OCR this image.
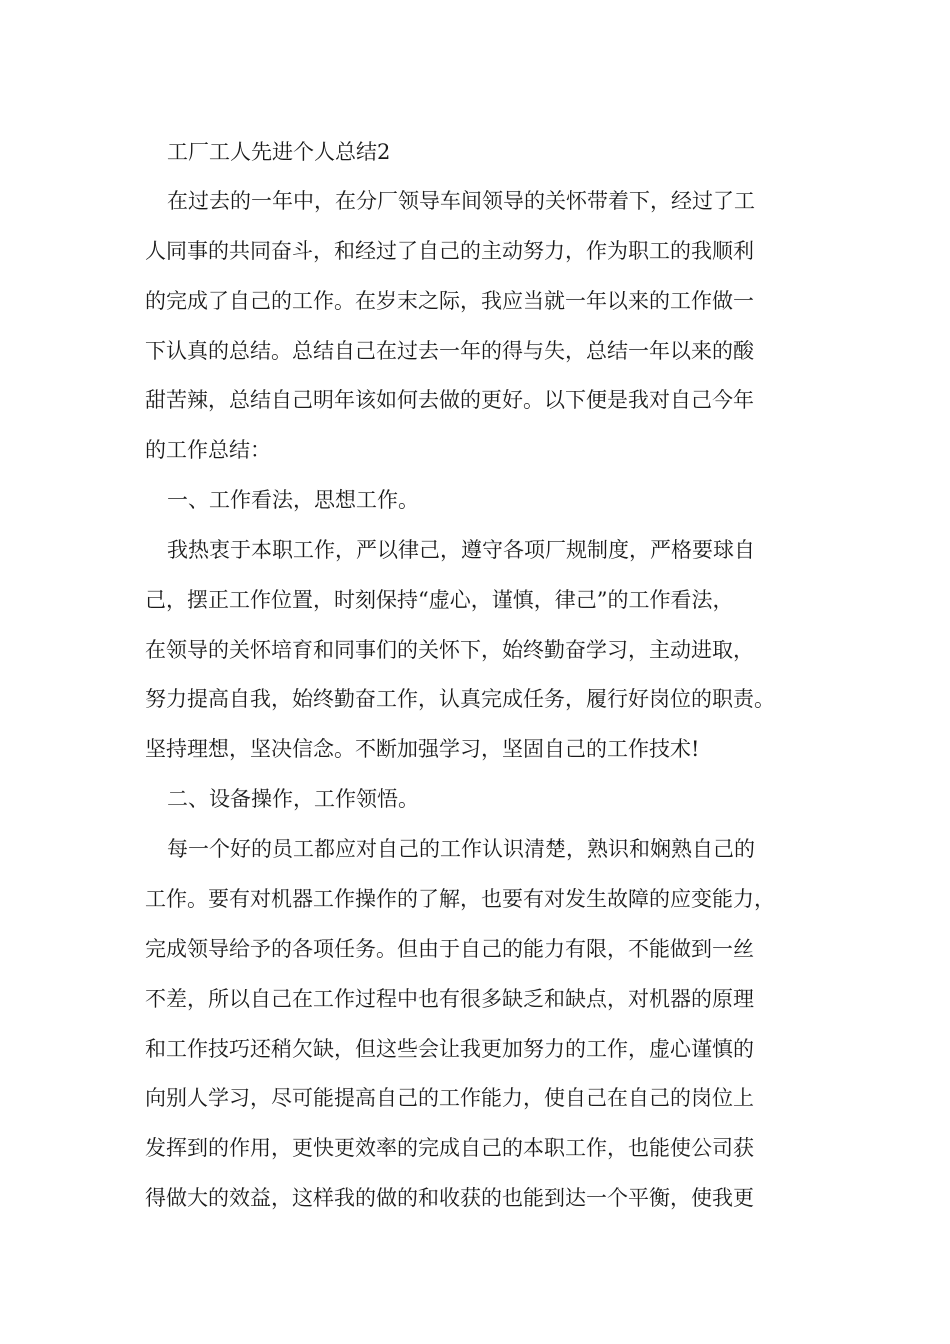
工厂工人先进个人总结2
在过去的一年中，在分厂领导车间领导的关怀带着下，经过了工
人同事的共同奋斗，和经过了自己的主动努力，作为职工的我顺利
的完成了自己的工作。在岁末之际，我应当就一年以来的工作做一
下认真的总结。总结自己在过去一年的得与失，总结一年以来的酸
甜苦辣，总结自己明年该如何去做的更好。以下便是我对自己今年
的工作总结：
一、工作看法，思想工作。
我热衷于本职工作，严以律己，遵守各项厂规制度，严格要球自
己，摆正工作位置，时刻保持“虚心，谨慎，律己”的工作看法，
在领导的关怀培育和同事们的关怀下，始终勤奋学习，主动进取，
努力提高自我，始终勤奋工作，认真完成任务，履行好岗位的职责。
坚持理想，坚决信念。不断加强学习，坚固自己的工作技术!
二、设备操作，工作领悟。
每一个好的员工都应对自己的工作认识清楚，熟识和娴熟自己的
工作。要有对机器工作操作的了解，也要有对发生故障的应变能力，
完成领导给予的各项任务。但由于自己的能力有限，不能做到一丝
不差，所以自己在工作过程中也有很多缺乏和缺点，对机器的原理
和工作技巧还稍欠缺，但这些会让我更加努力的工作，虚心谨慎的
向别人学习，尽可能提高自己的工作能力，使自己在自己的岗位上
发挥到的作用，更快更效率的完成自己的本职工作，也能使公司获
得做大的效益，这样我的做的和收获的也能到达一个平衡，使我更
